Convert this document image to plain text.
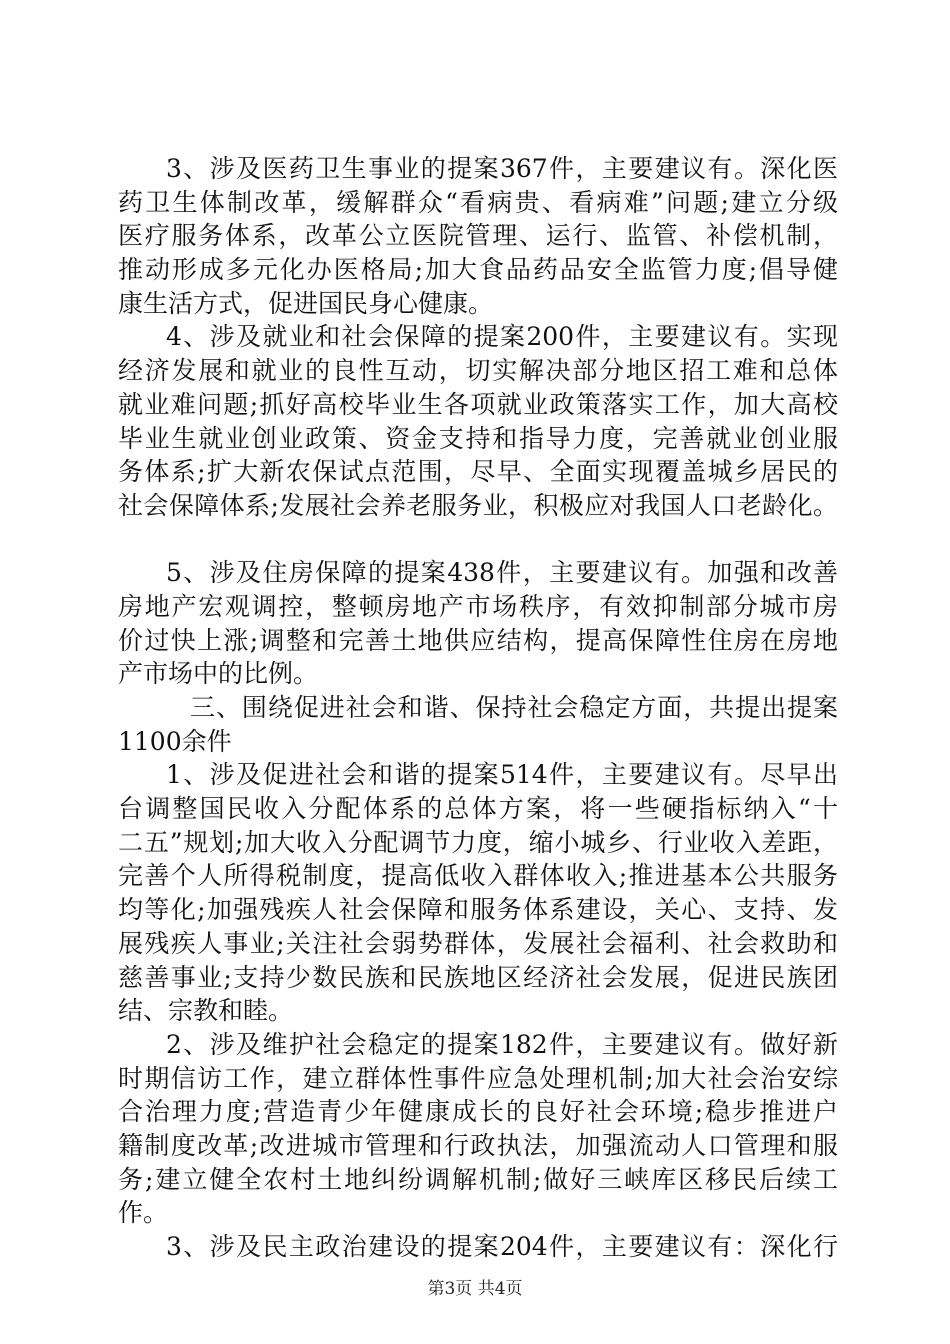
3、涉及医药卫生事业的提案367件，主要建议有。深化医
药卫生体制改革，缓解群众“看病贵、看病难”问题;建立分级
医疗服务体系，改革公立医院管理、运行、监管、补偿机制，
推动形成多元化办医格局;加大食品药品安全监管力度;倡导健
康生活方式，促进国民身心健康。
4、涉及就业和社会保障的提案200件，主要建议有。实现
经济发展和就业的良性互动，切实解决部分地区招工难和总体
就业难问题;抓好高校毕业生各项就业政策落实工作，加大高校
毕业生就业创业政策、资金支持和指导力度，完善就业创业服
务体系;扩大新农保试点范围，尽早、全面实现覆盖城乡居民的
社会保障体系;发展社会养老服务业，积极应对我国人口老龄化。
5、涉及住房保障的提案438件，主要建议有。加强和改善
房地产宏观调控，整顿房地产市场秩序，有效抑制部分城市房
价过快上涨;调整和完善土地供应结构，提高保障性住房在房地
产市场中的比例。
三、围绕促进社会和谐、保持社会稳定方面，共提出提案
1100余件
1、涉及促进社会和谐的提案514件，主要建议有。尽早出
台调整国民收入分配体系的总体方案，将一些硬指标纳入“十
二五”规划;加大收入分配调节力度，缩小城乡、行业收入差距，
完善个人所得税制度，提高低收入群体收入;推进基本公共服务
均等化;加强残疾人社会保障和服务体系建设，关心、支持、发
展残疾人事业;关注社会弱势群体，发展社会福利、社会救助和
慈善事业;支持少数民族和民族地区经济社会发展，促进民族团
结、宗教和睦。
2、涉及维护社会稳定的提案182件，主要建议有。做好新
时期信访工作，建立群体性事件应急处理机制;加大社会治安综
合治理力度;营造青少年健康成长的良好社会环境;稳步推进户
籍制度改革;改进城市管理和行政执法，加强流动人口管理和服
务;建立健全农村土地纠纷调解机制;做好三峡库区移民后续工
作。
3、涉及民主政治建设的提案204件，主要建议有：深化行
第3页 共4页
